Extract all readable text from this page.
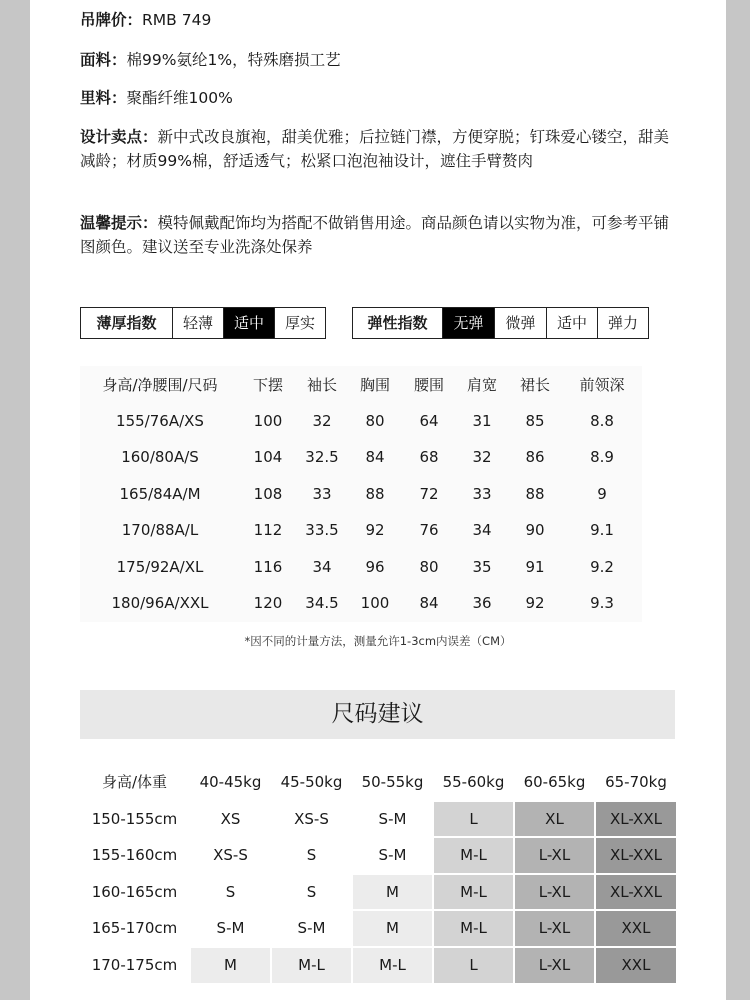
吊牌价：RMB 749
面料：棉99%氨纶1%，特殊磨损工艺
里料：聚酯纤维100%
设计卖点：新中式改良旗袍，甜美优雅；后拉链门襟，方便穿脱；钉珠爱心镂空，甜美减龄；材质99%棉，舒适透气；松紧口泡泡袖设计，遮住手臂赘肉
温馨提示：模特佩戴配饰均为搭配不做销售用途。商品颜色请以实物为准，可参考平铺图颜色。建议送至专业洗涤处保养
薄厚指数	轻薄	适中	厚实	弹性指数	无弹	微弹	适中	弹力
身高/净腰围/尺码	下摆	袖长	胸围	腰围	肩宽	裙长	前领深
155/76A/XS	100	32	80	64	31	85	8.8
160/80A/S	104	32.5	84	68	32	86	8.9
165/84A/M	108	33	88	72	33	88	9
170/88A/L	112	33.5	92	76	34	90	9.1
175/92A/XL	116	34	96	80	35	91	9.2
180/96A/XXL	120	34.5	100	84	36	92	9.3
*因不同的计量方法，测量允许1-3cm内误差（CM）
尺码建议
身高/体重	40-45kg	45-50kg	50-55kg	55-60kg	60-65kg	65-70kg
150-155cm	XS	XS-S	S-M	L	XL	XL-XXL
155-160cm	XS-S	S	S-M	M-L	L-XL	XL-XXL
160-165cm	S	S	M	M-L	L-XL	XL-XXL
165-170cm	S-M	S-M	M	M-L	L-XL	XXL
170-175cm	M	M-L	M-L	L	L-XL	XXL
